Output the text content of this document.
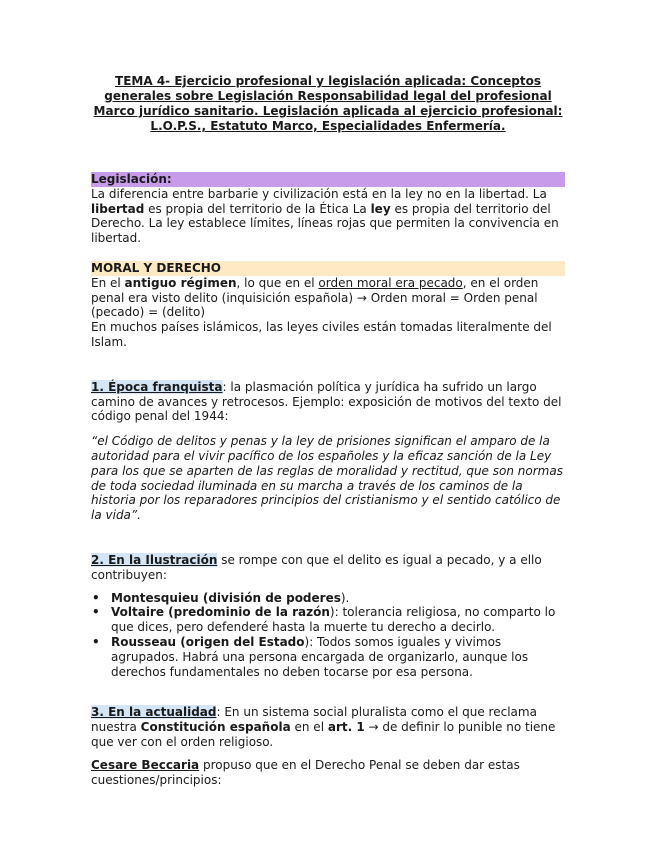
TEMA 4- Ejercicio profesional y legislación aplicada: Conceptos generales sobre Legislación Responsabilidad legal del profesional Marco jurídico sanitario. Legislación aplicada al ejercicio profesional: L.O.P.S., Estatuto Marco, Especialidades Enfermería.

Legislación:

La diferencia entre barbarie y civilización está en la ley no en la libertad. La libertad es propia del territorio de la Ética La ley es propia del territorio del Derecho. La ley establece límites, líneas rojas que permiten la convivencia en libertad.

MORAL Y DERECHO

En el antiguo régimen, lo que en el orden moral era pecado, en el orden penal era visto delito (inquisición española) → Orden moral = Orden penal (pecado) = (delito)

En muchos países islámicos, las leyes civiles están tomadas literalmente del Islam.

1. Época franquista: la plasmación política y jurídica ha sufrido un largo camino de avances y retrocesos. Ejemplo: exposición de motivos del texto del código penal del 1944:

“el Código de delitos y penas y la ley de prisiones significan el amparo de la autoridad para el vivir pacífico de los españoles y la eficaz sanción de la Ley para los que se aparten de las reglas de moralidad y rectitud, que son normas de toda sociedad iluminada en su marcha a través de los caminos de la historia por los reparadores principios del cristianismo y el sentido católico de la vida”.

2. En la Ilustración se rompe con que el delito es igual a pecado, y a ello contribuyen:

• Montesquieu (división de poderes).
• Voltaire (predominio de la razón): tolerancia religiosa, no comparto lo que dices, pero defenderé hasta la muerte tu derecho a decirlo.
• Rousseau (origen del Estado): Todos somos iguales y vivimos agrupados. Habrá una persona encargada de organizarlo, aunque los derechos fundamentales no deben tocarse por esa persona.

3. En la actualidad: En un sistema social pluralista como el que reclama nuestra Constitución española en el art. 1 → de definir lo punible no tiene que ver con el orden religioso.

Cesare Beccaria propuso que en el Derecho Penal se deben dar estas cuestiones/principios:
